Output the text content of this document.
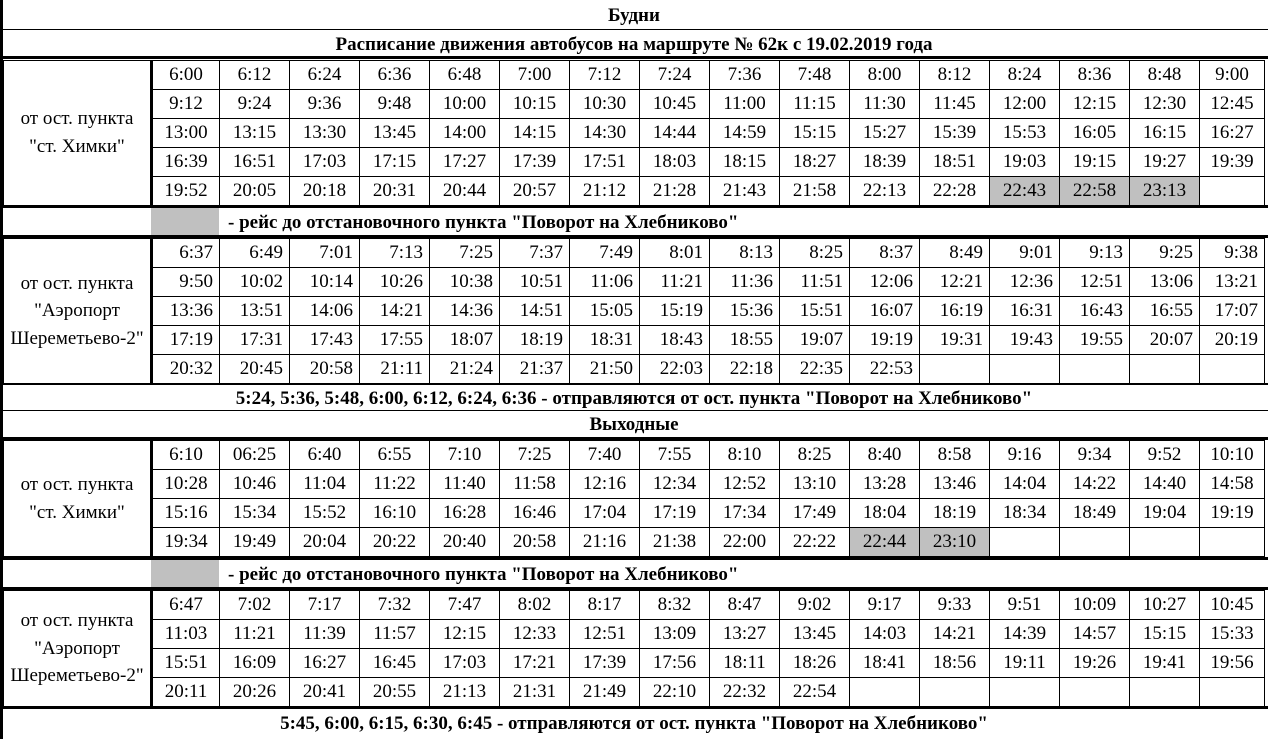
Будни
Расписание движения автобусов на маршруте № 62к с 19.02.2019 года
от ост. пункта
"ст. Химки"	6:00	6:12	6:24	6:36	6:48	7:00	7:12	7:24	7:36	7:48	8:00	8:12	8:24	8:36	8:48	9:00
	9:12	9:24	9:36	9:48	10:00	10:15	10:30	10:45	11:00	11:15	11:30	11:45	12:00	12:15	12:30	12:45
	13:00	13:15	13:30	13:45	14:00	14:15	14:30	14:44	14:59	15:15	15:27	15:39	15:53	16:05	16:15	16:27
	16:39	16:51	17:03	17:15	17:27	17:39	17:51	18:03	18:15	18:27	18:39	18:51	19:03	19:15	19:27	19:39
	19:52	20:05	20:18	20:31	20:44	20:57	21:12	21:28	21:43	21:58	22:13	22:28	22:43	22:58	23:13	
- рейс до отстановочного пункта "Поворот на Хлебниково"
от ост. пункта
"Аэропорт
Шереметьево-2"	6:37	6:49	7:01	7:13	7:25	7:37	7:49	8:01	8:13	8:25	8:37	8:49	9:01	9:13	9:25	9:38
	9:50	10:02	10:14	10:26	10:38	10:51	11:06	11:21	11:36	11:51	12:06	12:21	12:36	12:51	13:06	13:21
	13:36	13:51	14:06	14:21	14:36	14:51	15:05	15:19	15:36	15:51	16:07	16:19	16:31	16:43	16:55	17:07
	17:19	17:31	17:43	17:55	18:07	18:19	18:31	18:43	18:55	19:07	19:19	19:31	19:43	19:55	20:07	20:19
	20:32	20:45	20:58	21:11	21:24	21:37	21:50	22:03	22:18	22:35	22:53					
5:24, 5:36, 5:48, 6:00, 6:12, 6:24, 6:36 - отправляются от ост. пункта "Поворот на Хлебниково"
Выходные
от ост. пункта
"ст. Химки"	6:10	06:25	6:40	6:55	7:10	7:25	7:40	7:55	8:10	8:25	8:40	8:58	9:16	9:34	9:52	10:10
	10:28	10:46	11:04	11:22	11:40	11:58	12:16	12:34	12:52	13:10	13:28	13:46	14:04	14:22	14:40	14:58
	15:16	15:34	15:52	16:10	16:28	16:46	17:04	17:19	17:34	17:49	18:04	18:19	18:34	18:49	19:04	19:19
	19:34	19:49	20:04	20:22	20:40	20:58	21:16	21:38	22:00	22:22	22:44	23:10				
- рейс до отстановочного пункта "Поворот на Хлебниково"
от ост. пункта
"Аэропорт
Шереметьево-2"	6:47	7:02	7:17	7:32	7:47	8:02	8:17	8:32	8:47	9:02	9:17	9:33	9:51	10:09	10:27	10:45
	11:03	11:21	11:39	11:57	12:15	12:33	12:51	13:09	13:27	13:45	14:03	14:21	14:39	14:57	15:15	15:33
	15:51	16:09	16:27	16:45	17:03	17:21	17:39	17:56	18:11	18:26	18:41	18:56	19:11	19:26	19:41	19:56
	20:11	20:26	20:41	20:55	21:13	21:31	21:49	22:10	22:32	22:54						
5:45, 6:00, 6:15, 6:30, 6:45 - отправляются от ост. пункта "Поворот на Хлебниково"
